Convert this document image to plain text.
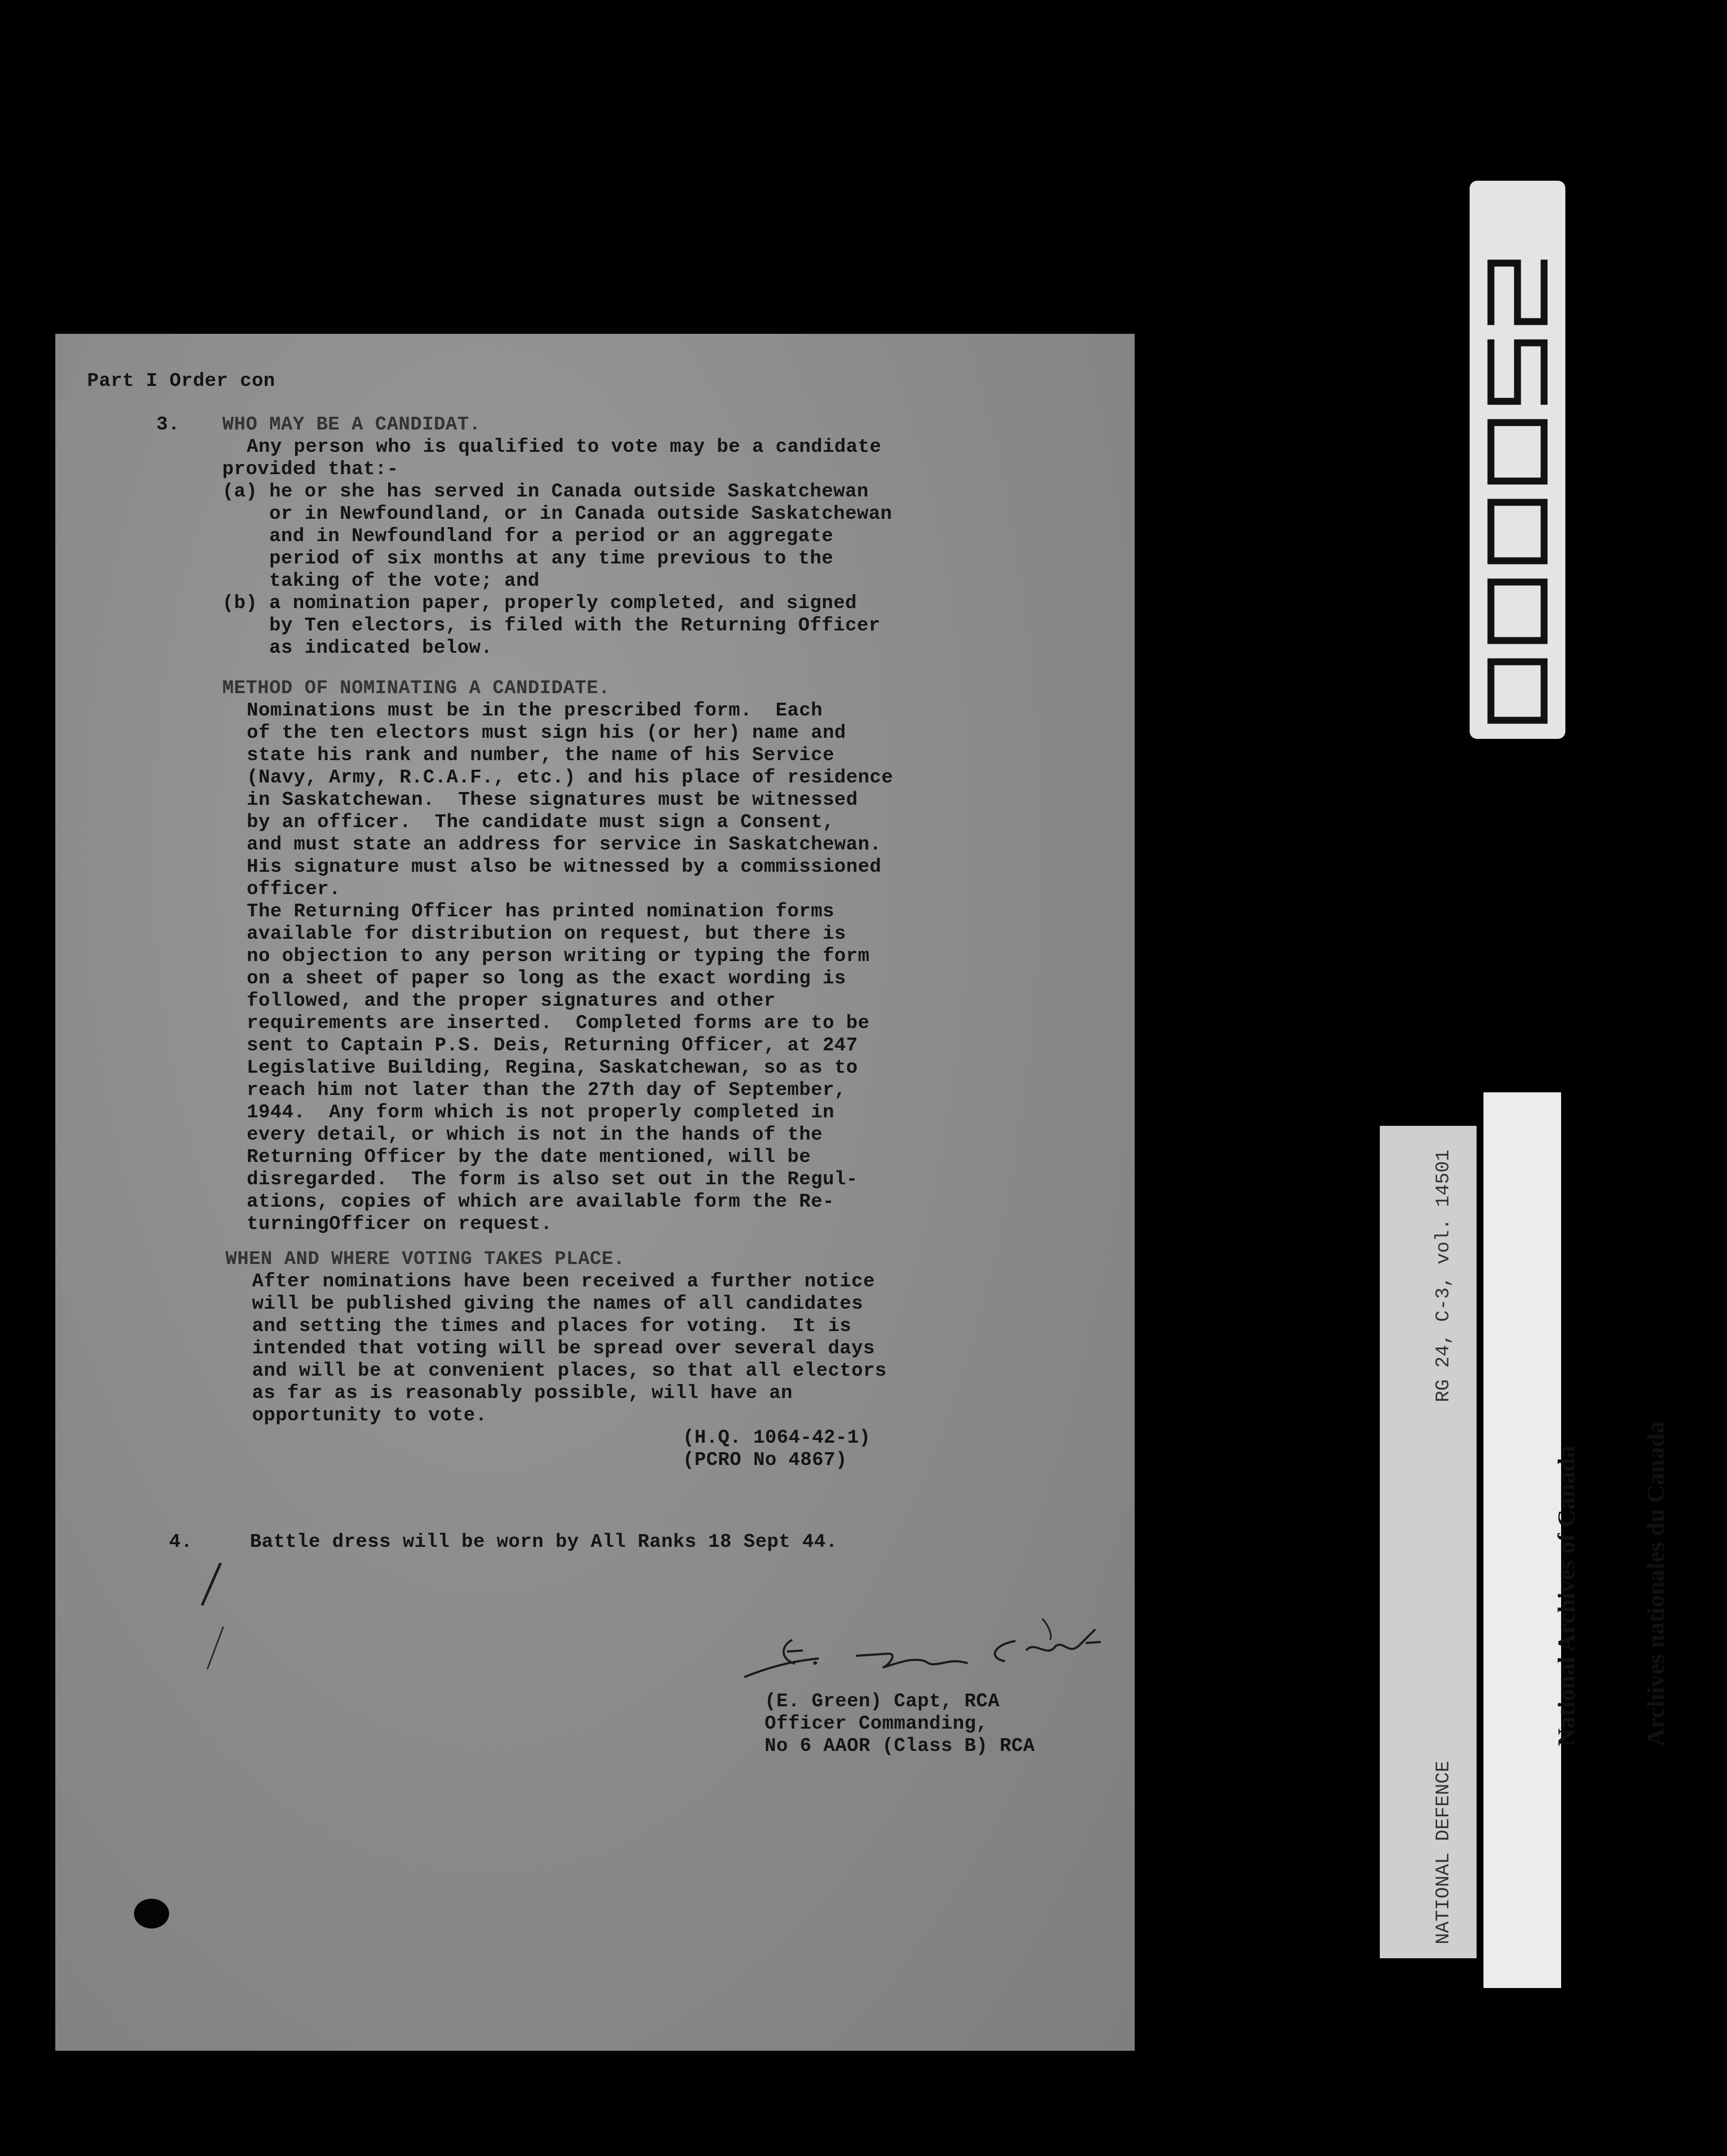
Part I Order con
3. WHO MAY BE A CANDIDAT.
Any person who is qualified to vote may be a candidate
provided that:-
(a) he or she has served in Canada outside Saskatchewan
or in Newfoundland, or in Canada outside Saskatchewan
and in Newfoundland for a period or an aggregate
period of six months at any time previous to the
taking of the vote; and
(b) a nomination paper, properly completed, and signed
by Ten electors, is filed with the Returning Officer
as indicated below.
METHOD OF NOMINATING A CANDIDATE.
Nominations must be in the prescribed form.  Each
of the ten electors must sign his (or her) name and
state his rank and number, the name of his Service
(Navy, Army, R.C.A.F., etc.) and his place of residence
in Saskatchewan.  These signatures must be witnessed
by an officer.  The candidate must sign a Consent,
and must state an address for service in Saskatchewan.
His signature must also be witnessed by a commissioned
officer.
The Returning Officer has printed nomination forms
available for distribution on request, but there is
no objection to any person writing or typing the form
on a sheet of paper so long as the exact wording is
followed, and the proper signatures and other
requirements are inserted.  Completed forms are to be
sent to Captain P.S. Deis, Returning Officer, at 247
Legislative Building, Regina, Saskatchewan, so as to
reach him not later than the 27th day of September,
1944.  Any form which is not properly completed in
every detail, or which is not in the hands of the
Returning Officer by the date mentioned, will be
disregarded.  The form is also set out in the Regul-
ations, copies of which are available form the Re-
turningOfficer on request.
WHEN AND WHERE VOTING TAKES PLACE.
After nominations have been received a further notice
will be published giving the names of all candidates
and setting the times and places for voting.  It is
intended that voting will be spread over several days
and will be at convenient places, so that all electors
as far as is reasonably possible, will have an
opportunity to vote.
(H.Q. 1064-42-1)
(PCRO No 4867)
4.	Battle dress will be worn by All Ranks 18 Sept 44.
(E. Green) Capt, RCA
Officer Commanding,
No 6 AAOR (Class B) RCA

NATIONAL DEFENCE

RG 24, C-3, vol. 14501

National Archives of Canada

	Archives nationales du Canada
